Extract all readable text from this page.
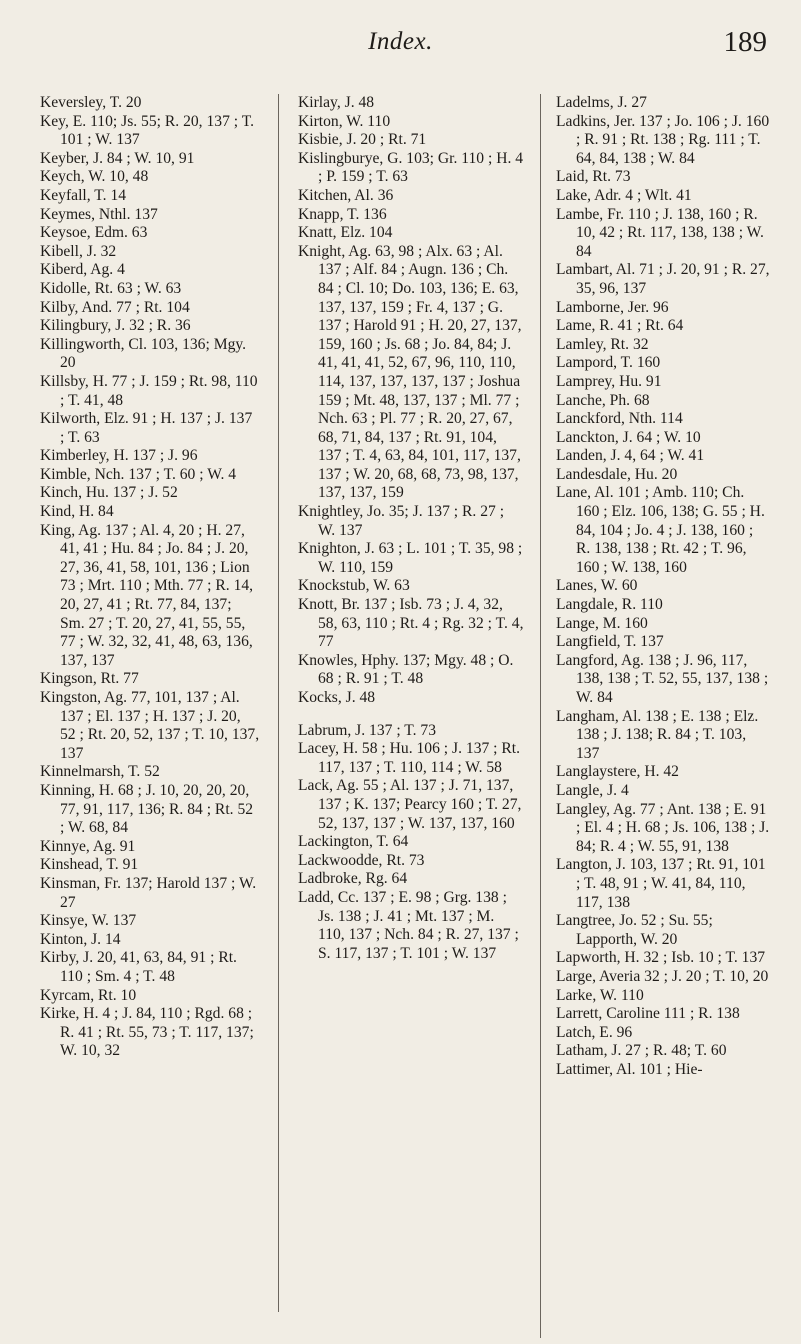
Index.	189

Keversley, T. 20

Key, E. 110; Js. 55; R. 20, 137 ; T. 101 ; W. 137

Keyber, J. 84 ; W. 10, 91

Keych, W. 10, 48

Keyfall, T. 14

Keymes, Nthl. 137

Keysoe, Edm. 63

Kibell, J. 32

Kiberd, Ag. 4

Kidolle, Rt. 63 ; W. 63

Kilby, And. 77 ; Rt. 104

Kilingbury, J. 32 ; R. 36

Killingworth, Cl. 103, 136; Mgy. 20

Killsby, H. 77 ; J. 159 ; Rt. 98, 110 ; T. 41, 48

Kilworth, Elz. 91 ; H. 137 ; J. 137 ; T. 63

Kimberley, H. 137 ; J. 96

Kimble, Nch. 137 ; T. 60 ; W. 4

Kinch, Hu. 137 ; J. 52

Kind, H. 84

King, Ag. 137 ; Al. 4, 20 ; H. 27, 41, 41 ; Hu. 84 ; Jo. 84 ; J. 20, 27, 36, 41, 58, 101, 136 ; Lion 73 ; Mrt. 110 ; Mth. 77 ; R. 14, 20, 27, 41 ; Rt. 77, 84, 137; Sm. 27 ; T. 20, 27, 41, 55, 55, 77 ; W. 32, 32, 41, 48, 63, 136, 137, 137

Kingson, Rt. 77

Kingston, Ag. 77, 101, 137 ; Al. 137 ; El. 137 ; H. 137 ; J. 20, 52 ; Rt. 20, 52, 137 ; T. 10, 137, 137

Kinnelmarsh, T. 52

Kinning, H. 68 ; J. 10, 20, 20, 20, 77, 91, 117, 136; R. 84 ; Rt. 52 ; W. 68, 84

Kinnye, Ag. 91

Kinshead, T. 91

Kinsman, Fr. 137; Harold 137 ; W. 27

Kinsye, W. 137

Kinton, J. 14

Kirby, J. 20, 41, 63, 84, 91 ; Rt. 110 ; Sm. 4 ; T. 48

Kyrcam, Rt. 10

Kirke, H. 4 ; J. 84, 110 ; Rgd. 68 ; R. 41 ; Rt. 55, 73 ; T. 117, 137; W. 10, 32

Kirlay, J. 48

Kirton, W. 110

Kisbie, J. 20 ; Rt. 71

Kislingburye, G. 103; Gr. 110 ; H. 4 ; P. 159 ; T. 63

Kitchen, Al. 36

Knapp, T. 136

Knatt, Elz. 104

Knight, Ag. 63, 98 ; Alx. 63 ; Al. 137 ; Alf. 84 ; Augn. 136 ; Ch. 84 ; Cl. 10; Do. 103, 136; E. 63, 137, 137, 159 ; Fr. 4, 137 ; G. 137 ; Harold 91 ; H. 20, 27, 137, 159, 160 ; Js. 68 ; Jo. 84, 84; J. 41, 41, 41, 52, 67, 96, 110, 110, 114, 137, 137, 137, 137 ; Joshua 159 ; Mt. 48, 137, 137 ; Ml. 77 ; Nch. 63 ; Pl. 77 ; R. 20, 27, 67, 68, 71, 84, 137 ; Rt. 91, 104, 137 ; T. 4, 63, 84, 101, 117, 137, 137 ; W. 20, 68, 68, 73, 98, 137, 137, 137, 159

Knightley, Jo. 35; J. 137 ; R. 27 ; W. 137

Knighton, J. 63 ; L. 101 ; T. 35, 98 ; W. 110, 159

Knockstub, W. 63

Knott, Br. 137 ; Isb. 73 ; J. 4, 32, 58, 63, 110 ; Rt. 4 ; Rg. 32 ; T. 4, 77

Knowles, Hphy. 137; Mgy. 48 ; O. 68 ; R. 91 ; T. 48

Kocks, J. 48

Labrum, J. 137 ; T. 73

Lacey, H. 58 ; Hu. 106 ; J. 137 ; Rt. 117, 137 ; T. 110, 114 ; W. 58

Lack, Ag. 55 ; Al. 137 ; J. 71, 137, 137 ; K. 137; Pearcy 160 ; T. 27, 52, 137, 137 ; W. 137, 137, 160

Lackington, T. 64

Lackwoodde, Rt. 73

Ladbroke, Rg. 64

Ladd, Cc. 137 ; E. 98 ; Grg. 138 ; Js. 138 ; J. 41 ; Mt. 137 ; M. 110, 137 ; Nch. 84 ; R. 27, 137 ; S. 117, 137 ; T. 101 ; W. 137

Ladelms, J. 27

Ladkins, Jer. 137 ; Jo. 106 ; J. 160 ; R. 91 ; Rt. 138 ; Rg. 111 ; T. 64, 84, 138 ; W. 84

Laid, Rt. 73

Lake, Adr. 4 ; Wlt. 41

Lambe, Fr. 110 ; J. 138, 160 ; R. 10, 42 ; Rt. 117, 138, 138 ; W. 84

Lambart, Al. 71 ; J. 20, 91 ; R. 27, 35, 96, 137

Lamborne, Jer. 96

Lame, R. 41 ; Rt. 64

Lamley, Rt. 32

Lampord, T. 160

Lamprey, Hu. 91

Lanche, Ph. 68

Lanckford, Nth. 114

Lanckton, J. 64 ; W. 10

Landen, J. 4, 64 ; W. 41

Landesdale, Hu. 20

Lane, Al. 101 ; Amb. 110; Ch. 160 ; Elz. 106, 138; G. 55 ; H. 84, 104 ; Jo. 4 ; J. 138, 160 ; R. 138, 138 ; Rt. 42 ; T. 96, 160 ; W. 138, 160

Lanes, W. 60

Langdale, R. 110

Lange, M. 160

Langfield, T. 137

Langford, Ag. 138 ; J. 96, 117, 138, 138 ; T. 52, 55, 137, 138 ; W. 84

Langham, Al. 138 ; E. 138 ; Elz. 138 ; J. 138; R. 84 ; T. 103, 137

Langlaystere, H. 42

Langle, J. 4

Langley, Ag. 77 ; Ant. 138 ; E. 91 ; El. 4 ; H. 68 ; Js. 106, 138 ; J. 84; R. 4 ; W. 55, 91, 138

Langton, J. 103, 137 ; Rt. 91, 101 ; T. 48, 91 ; W. 41, 84, 110, 117, 138

Langtree, Jo. 52 ; Su. 55; Lapporth, W. 20

Lapworth, H. 32 ; Isb. 10 ; T. 137

Large, Averia 32 ; J. 20 ; T. 10, 20

Larke, W. 110

Larrett, Caroline 111 ; R. 138

Latch, E. 96

Latham, J. 27 ; R. 48; T. 60

Lattimer, Al. 101 ; Hie-
